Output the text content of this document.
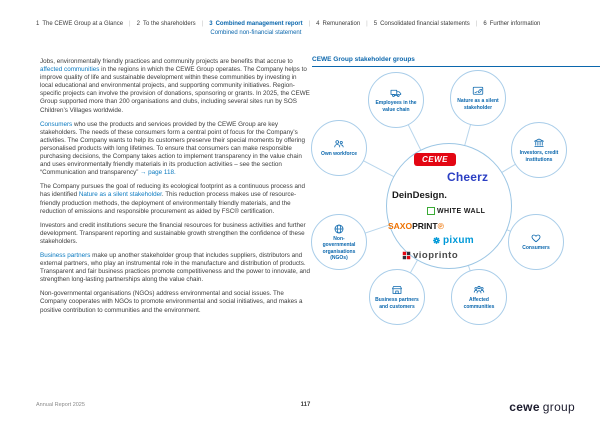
1 The CEWE Group at a Glance | 2 To the shareholders | 3 Combined management report
Combined non-financial statement
| 4 Remuneration | 5 Consolidated financial statements | 6 Further information

Jobs, environmentally friendly practices and community projects are benefits that accrue to affected communities in the regions in which the CEWE Group operates. The Company helps to improve quality of life and sustainable development within these communities by investing in local educational and environmental projects, and supporting community initiatives. Region-specific projects can involve the provision of donations, sponsoring or grants. In 2025, the CEWE Group supported more than 200 organisations and clubs, including several sites run by SOS Children’s Villages worldwide.

Consumers who use the products and services provided by the CEWE Group are key stakeholders. The needs of these consumers form a central point of focus for the Company’s activities. The Company wants to help its customers preserve their special moments by offering personalised products with long lifetimes. To ensure that consumers can make responsible purchasing decisions, the Company takes action to implement transparency in the value chain and uses environmentally friendly materials in its production activities – see the section “Communication and transparency” → page 118.

The Company pursues the goal of reducing its ecological footprint as a continuous process and has identified Nature as a silent stakeholder. This reduction process makes use of resource-friendly production methods, the deployment of environmentally friendly materials, and the reduction of emissions and responsible procurement as aided by FSC® certification.

Investors and credit institutions secure the financial resources for business activities and further development. Transparent reporting and sustainable growth strengthen the confidence of these stakeholders.

Business partners make up another stakeholder group that includes suppliers, distributors and external partners, who play an instrumental role in the manufacture and distribution of products. Transparent and fair business practices promote competitiveness and the power to innovate, and strengthen long-lasting partnerships along the value chain.

Non-governmental organisations (NGOs) address environmental and social issues. The Company cooperates with NGOs to promote environmental and social initiatives, and makes a positive contribution to communities and the environment.

CEWE Group stakeholder groups
CEWE
Cheerz
DeinDesign.
WHITE WALL
SAXO PRINT ℗
pixum
vioprinto
Employees in the value chain
Nature as a silent stakeholder
Own workforce	Investors, credit institutions
Non-governmental organisations (NGOs)
Consumers
Business partners and customers
Affected communities
Annual Report 2025	117	cewe group
